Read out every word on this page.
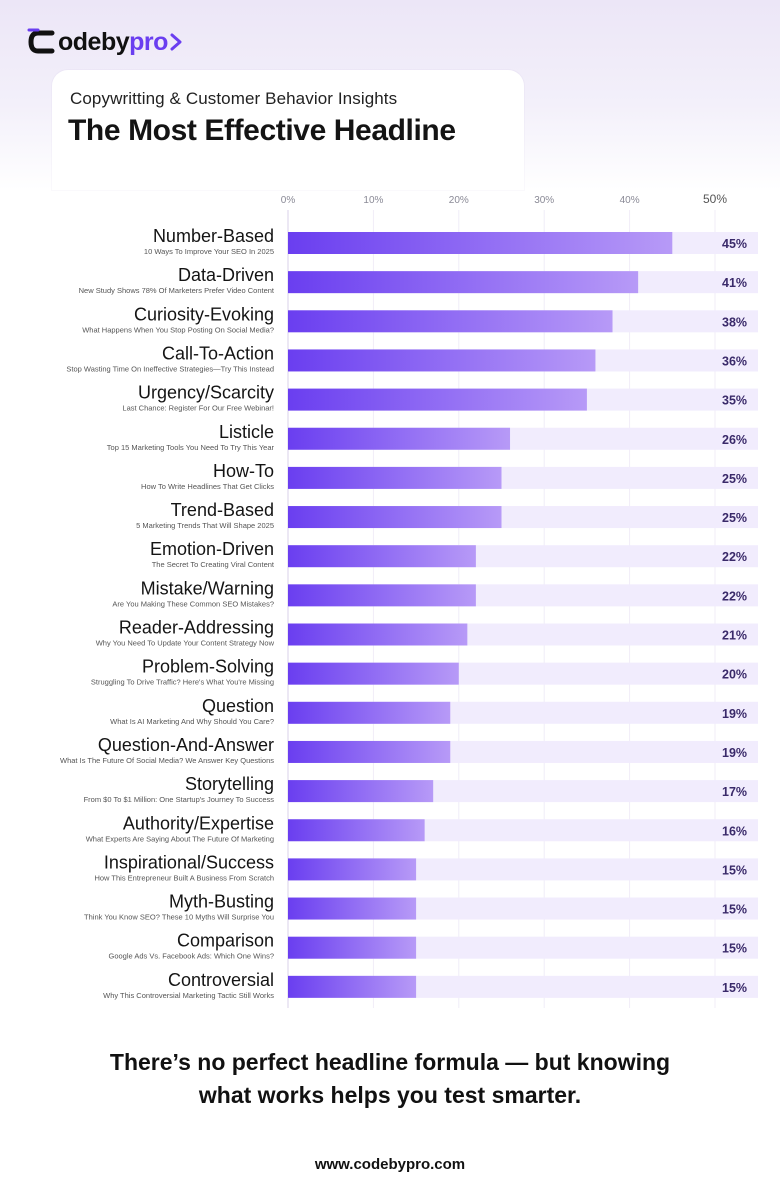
odebypro
Copywritting & Customer Behavior Insights
The Most Effective Headline
0%	10%	20%	30%	40%	50%
Number-Based
10 Ways To Improve Your SEO In 2025
45%
Data-Driven
New Study Shows 78% Of Marketers Prefer Video Content
41%
Curiosity-Evoking
What Happens When You Stop Posting On Social Media?
38%
Call-To-Action
Stop Wasting Time On Ineffective Strategies—Try This Instead
36%
Urgency/Scarcity
Last Chance: Register For Our Free Webinar!
35%
Listicle
Top 15 Marketing Tools You Need To Try This Year
26%
How-To
How To Write Headlines That Get Clicks
25%
Trend-Based
5 Marketing Trends That Will Shape 2025
25%
Emotion-Driven
The Secret To Creating Viral Content
22%
Mistake/Warning
Are You Making These Common SEO Mistakes?
22%
Reader-Addressing
Why You Need To Update Your Content Strategy Now
21%
Problem-Solving
Struggling To Drive Traffic? Here's What You're Missing
20%
Question
What Is AI Marketing And Why Should You Care?
19%
Question-And-Answer
What Is The Future Of Social Media? We Answer Key Questions
19%
Storytelling
From $0 To $1 Million: One Startup's Journey To Success
17%
Authority/Expertise
What Experts Are Saying About The Future Of Marketing
16%
Inspirational/Success
How This Entrepreneur Built A Business From Scratch
15%
Myth-Busting
Think You Know SEO? These 10 Myths Will Surprise You
15%
Comparison
Google Ads Vs. Facebook Ads: Which One Wins?
15%
Controversial
Why This Controversial Marketing Tactic Still Works
15%
There’s no perfect headline formula — but knowing
what works helps you test smarter.
www.codebypro.com
